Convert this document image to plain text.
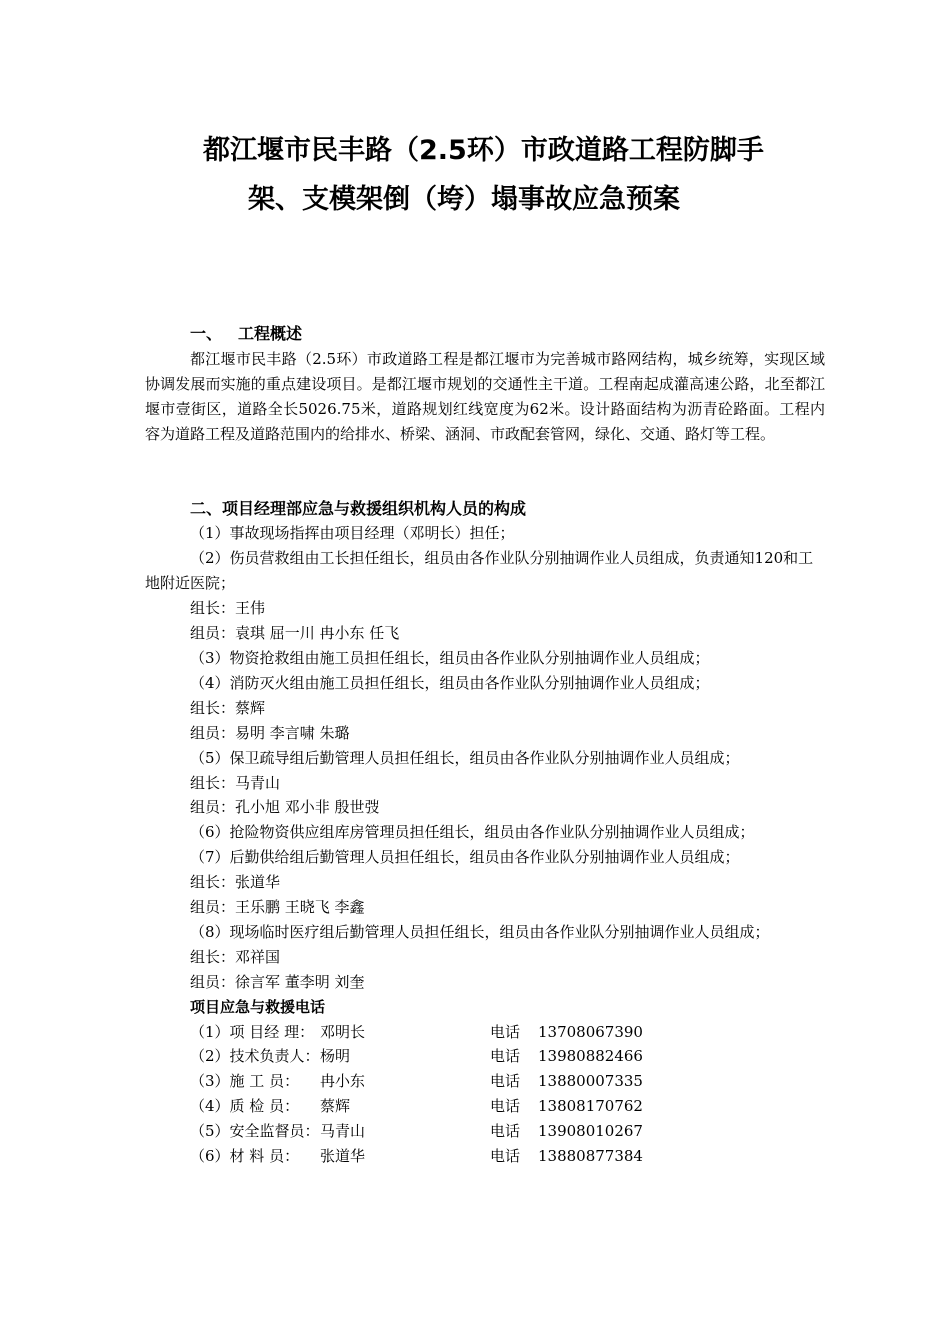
都江堰市民丰路（2.5环）市政道路工程防脚手
架、支模架倒（垮）塌事故应急预案
一、 工程概述

都江堰市民丰路（2.5环）市政道路工程是都江堰市为完善城市路网结构，城乡统筹，实现区域协调发展而实施的重点建设项目。是都江堰市规划的交通性主干道。工程南起成灌高速公路，北至都江堰市壹街区，道路全长5026.75米，道路规划红线宽度为62米。设计路面结构为沥青砼路面。工程内容为道路工程及道路范围内的给排水、桥梁、涵洞、市政配套管网，绿化、交通、路灯等工程。

二、项目经理部应急与救援组织机构人员的构成
（1）事故现场指挥由项目经理（邓明长）担任；

（2）伤员营救组由工长担任组长，组员由各作业队分别抽调作业人员组成，负责通知120和工地附近医院；

组长：王伟
组员：袁琪 屈一川 冉小东 任飞
（3）物资抢救组由施工员担任组长，组员由各作业队分别抽调作业人员组成；
（4）消防灭火组由施工员担任组长，组员由各作业队分别抽调作业人员组成；
组长：蔡辉
组员：易明 李言啸 朱璐
（5）保卫疏导组后勤管理人员担任组长，组员由各作业队分别抽调作业人员组成；
组长：马青山
组员：孔小旭 邓小非 殷世弢
（6）抢险物资供应组库房管理员担任组长，组员由各作业队分别抽调作业人员组成；
（7）后勤供给组后勤管理人员担任组长，组员由各作业队分别抽调作业人员组成；
组长：张道华
组员：王乐鹏 王晓飞 李鑫

（8）现场临时医疗组后勤管理人员担任组长，组员由各作业队分别抽调作业人员组成；

组长：邓祥国
组员：徐言军 董李明 刘奎
项目应急与救援电话
（1）项 目经 理： 邓明长	电话 13708067390
（2）技术负责人：杨明	电话 13980882466
（3）施 工 员： 冉小东	电话 13880007335
（4）质 检 员： 蔡辉	电话 13808170762
（5）安全监督员：马青山	电话 13908010267
（6）材 料 员： 张道华	电话 13880877384
